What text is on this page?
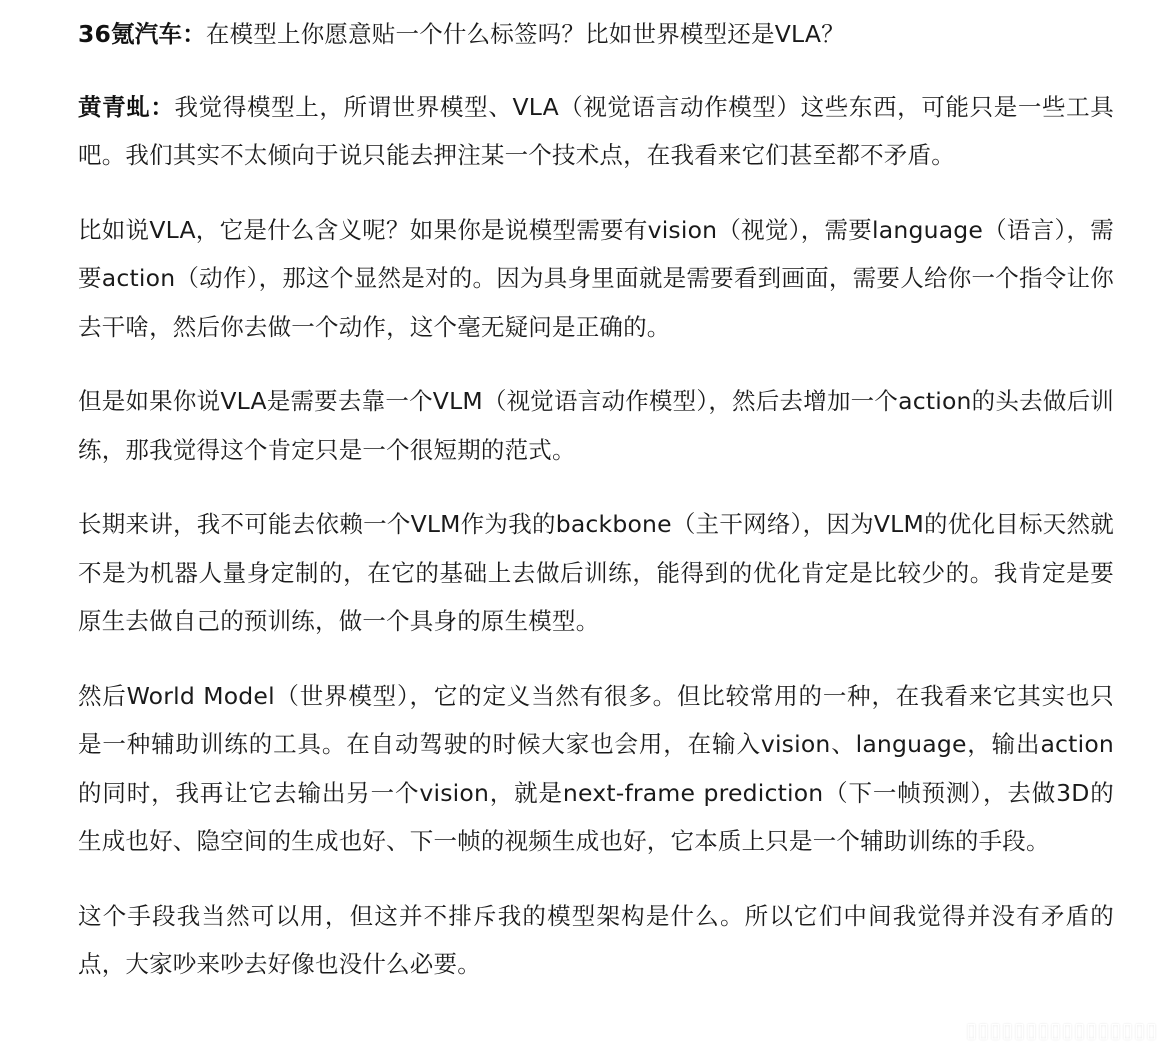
36氪汽车：在模型上你愿意贴一个什么标签吗？比如世界模型还是VLA？

黄青虬：我觉得模型上，所谓世界模型、VLA（视觉语言动作模型）这些东西，可能只是一些工具吧。我们其实不太倾向于说只能去押注某一个技术点，在我看来它们甚至都不矛盾。

比如说VLA，它是什么含义呢？如果你是说模型需要有vision（视觉），需要language（语言），需要action（动作），那这个显然是对的。因为具身里面就是需要看到画面，需要人给你一个指令让你去干啥，然后你去做一个动作，这个毫无疑问是正确的。

但是如果你说VLA是需要去靠一个VLM（视觉语言动作模型），然后去增加一个action的头去做后训练，那我觉得这个肯定只是一个很短期的范式。

长期来讲，我不可能去依赖一个VLM作为我的backbone（主干网络），因为VLM的优化目标天然就不是为机器人量身定制的，在它的基础上去做后训练，能得到的优化肯定是比较少的。我肯定是要原生去做自己的预训练，做一个具身的原生模型。

然后World Model（世界模型），它的定义当然有很多。但比较常用的一种，在我看来它其实也只是一种辅助训练的工具。在自动驾驶的时候大家也会用，在输入vision、language，输出action的同时，我再让它去输出另一个vision，就是next-frame prediction（下一帧预测），去做3D的生成也好、隐空间的生成也好、下一帧的视频生成也好，它本质上只是一个辅助训练的手段。

这个手段我当然可以用，但这并不排斥我的模型架构是什么。所以它们中间我觉得并没有矛盾的点，大家吵来吵去好像也没什么必要。

▯▯▯▯▯▯▯▯▯▯▯▯▯▯▯▯
